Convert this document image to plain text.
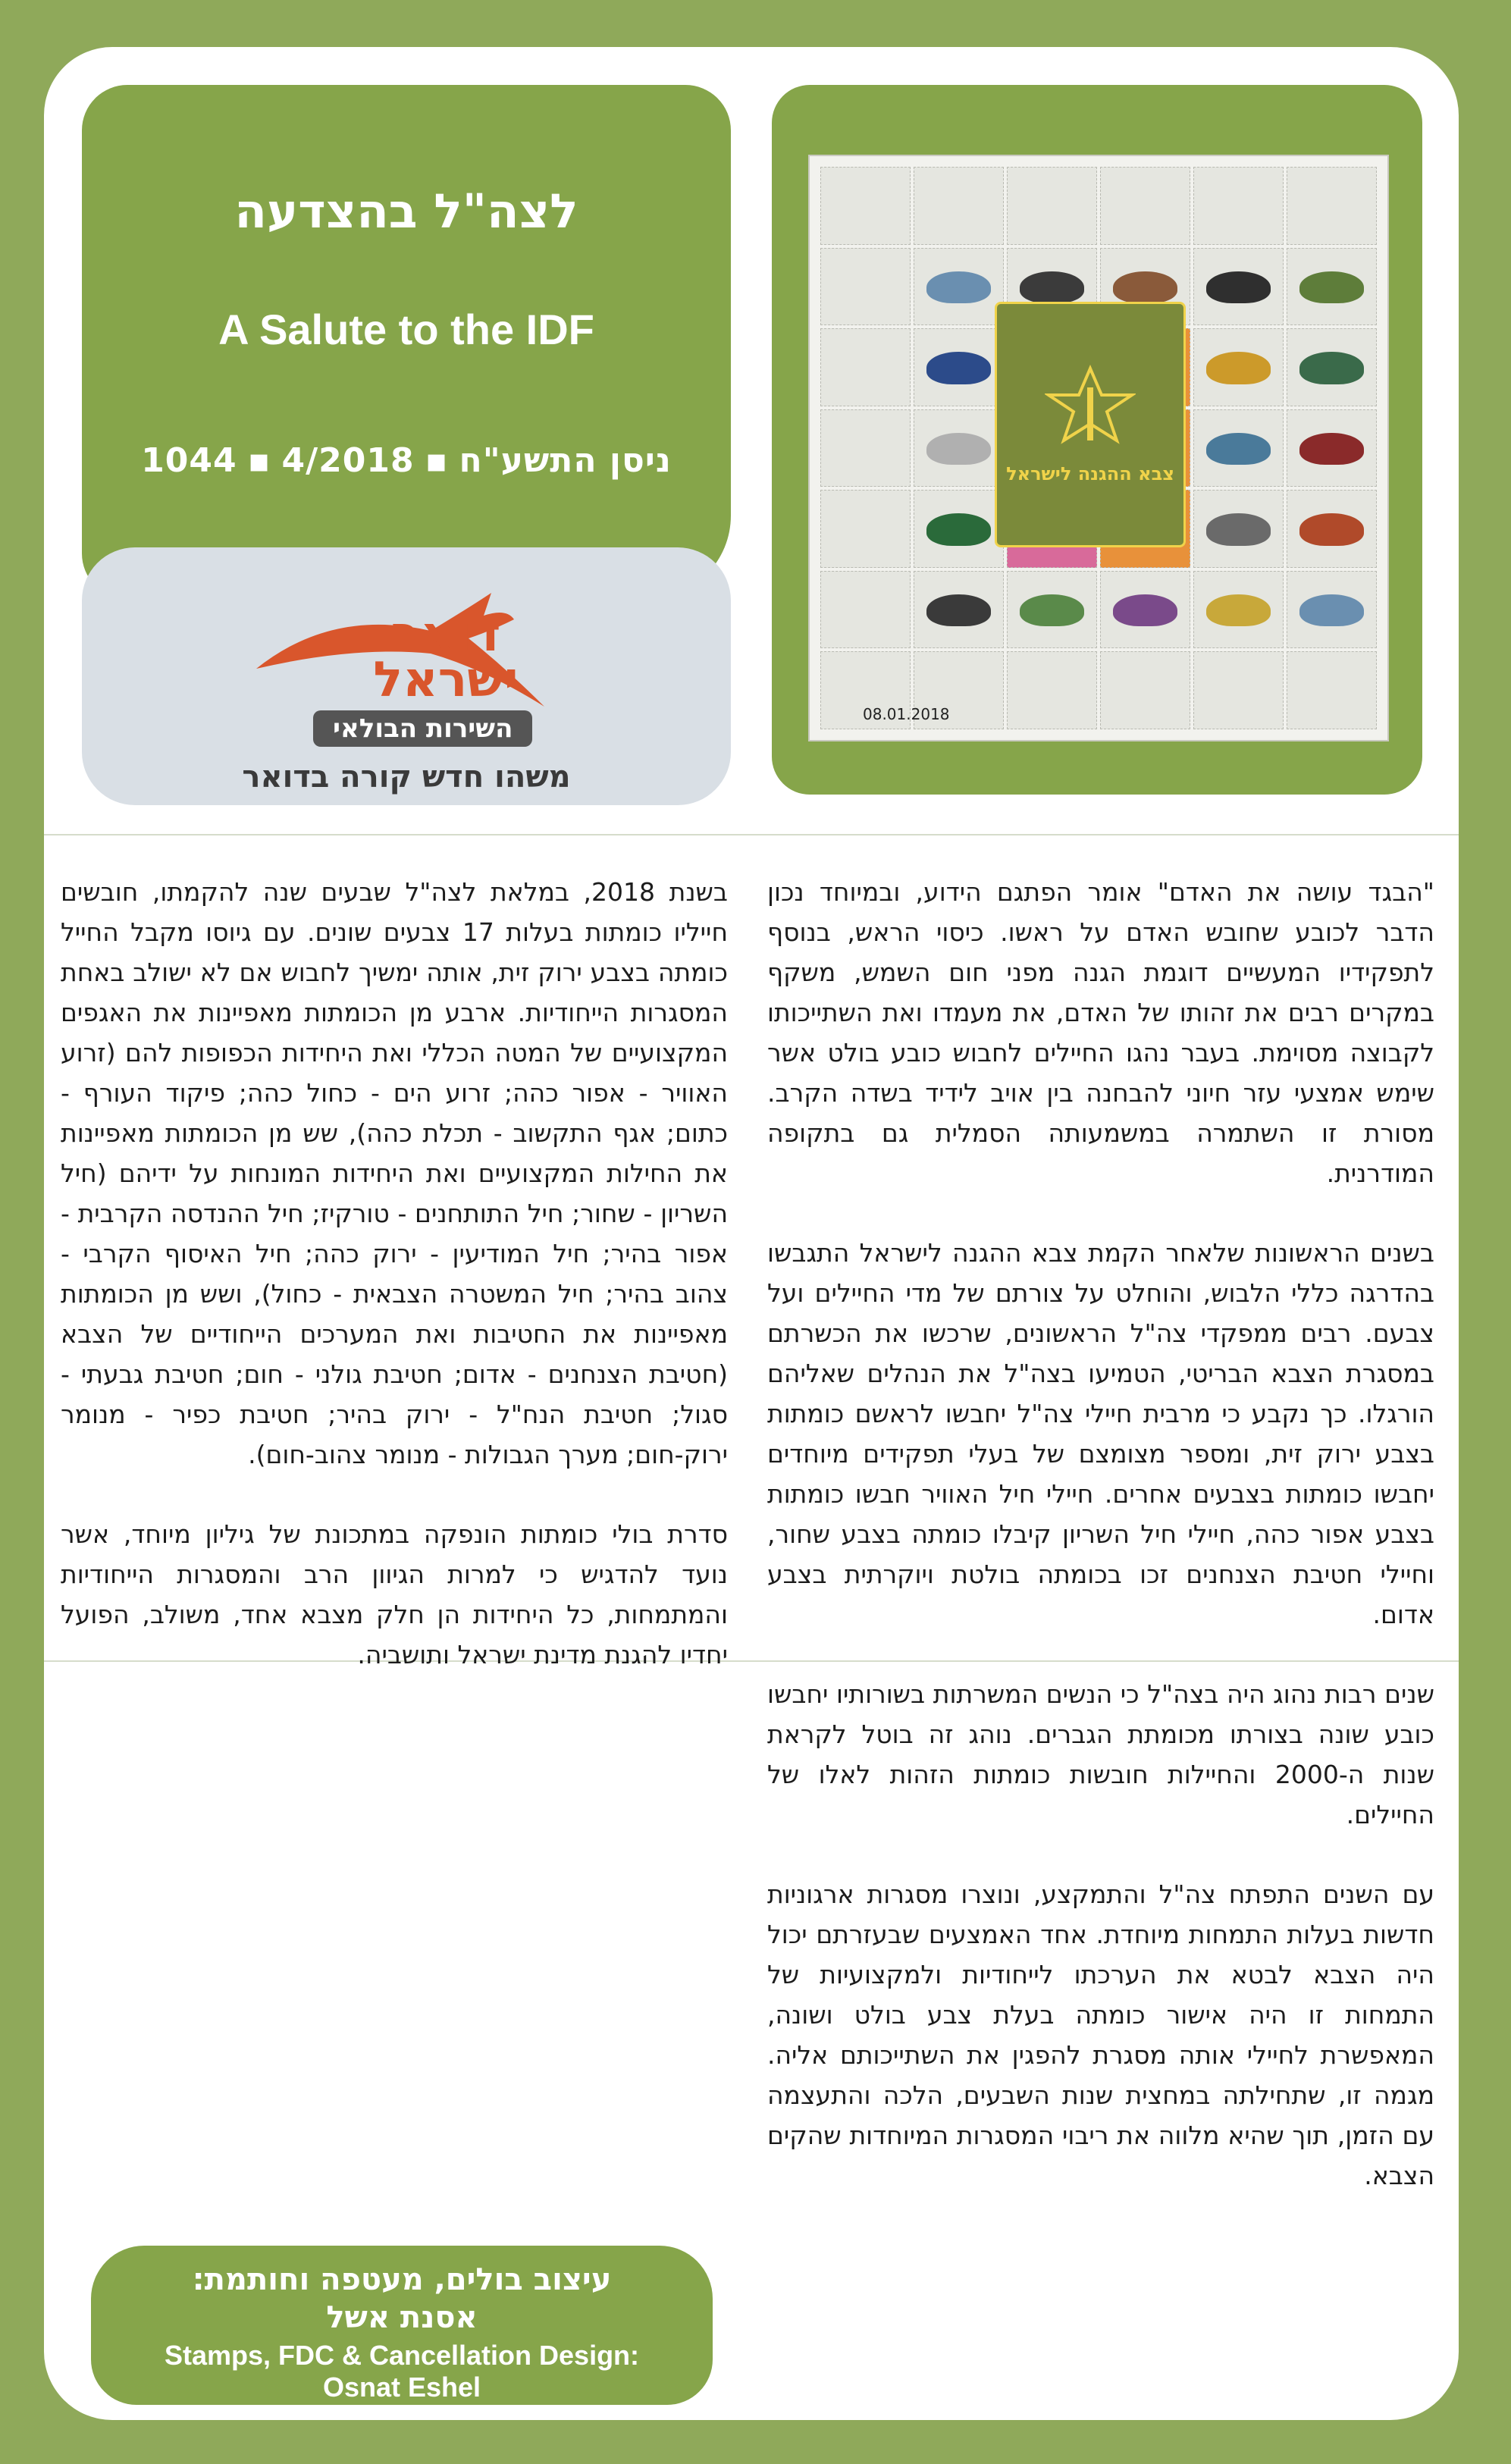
לצה"ל בהצדעה
A Salute to the IDF
1044 ▪ 4/2018 ▪ ניסן התשע"ח
דואר
ישראל
השירות הבולאי
משהו חדש קורה בדואר
צבא ההגנה לישראל
08.01.2018

"הבגד עושה את האדם" אומר הפתגם הידוע, ובמיוחד נכון הדבר לכובע שחובש האדם על ראשו. כיסוי הראש, בנוסף לתפקידיו המעשיים דוגמת הגנה מפני חום השמש, משקף במקרים רבים את זהותו של האדם, את מעמדו ואת השתייכותו לקבוצה מסוימת. בעבר נהגו החיילים לחבוש כובע בולט אשר שימש אמצעי עזר חיוני להבחנה בין אויב לידיד בשדה הקרב. מסורת זו השתמרה במשמעותה הסמלית גם בתקופה המודרנית.

בשנים הראשונות שלאחר הקמת צבא ההגנה לישראל התגבשו בהדרגה כללי הלבוש, והוחלט על צורתם של מדי החיילים ועל צבעם. רבים ממפקדי צה"ל הראשונים, שרכשו את הכשרתם במסגרת הצבא הבריטי, הטמיעו בצה"ל את הנהלים שאליהם הורגלו. כך נקבע כי מרבית חיילי צה"ל יחבשו לראשם כומתות בצבע ירוק זית, ומספר מצומצם של בעלי תפקידים מיוחדים יחבשו כומתות בצבעים אחרים. חיילי חיל האוויר חבשו כומתות בצבע אפור כהה, חיילי חיל השריון קיבלו כומתה בצבע שחור, וחיילי חטיבת הצנחנים זכו בכומתה בולטת ויוקרתית בצבע אדום.

שנים רבות נהוג היה בצה"ל כי הנשים המשרתות בשורותיו יחבשו כובע שונה בצורתו מכומתת הגברים. נוהג זה בוטל לקראת שנות ה-2000 והחיילות חובשות כומתות הזהות לאלו של החיילים.

עם השנים התפתח צה"ל והתמקצע, ונוצרו מסגרות ארגוניות חדשות בעלות התמחות מיוחדת. אחד האמצעים שבעזרתם יכול היה הצבא לבטא את הערכתו לייחודיות ולמקצועיות של התמחות זו היה אישור כומתה בעלת צבע בולט ושונה, המאפשרת לחיילי אותה מסגרת להפגין את השתייכותם אליה. מגמה זו, שתחילתה במחצית שנות השבעים, הלכה והתעצמה עם הזמן, תוך שהיא מלווה את ריבוי המסגרות המיוחדות שהקים הצבא.

בשנת 2018, במלאת לצה"ל שבעים שנה להקמתו, חובשים חייליו כומתות בעלות 17 צבעים שונים. עם גיוסו מקבל החייל כומתה בצבע ירוק זית, אותה ימשיך לחבוש אם לא ישולב באחת המסגרות הייחודיות. ארבע מן הכומתות מאפיינות את האגפים המקצועיים של המטה הכללי ואת היחידות הכפופות להם (זרוע האוויר - אפור כהה; זרוע הים - כחול כהה; פיקוד העורף - כתום; אגף התקשוב - תכלת כהה), שש מן הכומתות מאפיינות את החילות המקצועיים ואת היחידות המונחות על ידיהם (חיל השריון - שחור; חיל התותחנים - טורקיז; חיל ההנדסה הקרבית - אפור בהיר; חיל המודיעין - ירוק כהה; חיל האיסוף הקרבי - צהוב בהיר; חיל המשטרה הצבאית - כחול), ושש מן הכומתות מאפיינות את החטיבות ואת המערכים הייחודיים של הצבא (חטיבת הצנחנים - אדום; חטיבת גולני - חום; חטיבת גבעתי - סגול; חטיבת הנח"ל - ירוק בהיר; חטיבת כפיר - מנומר ירוק-חום; מערך הגבולות - מנומר צהוב-חום).

סדרת בולי כומתות הונפקה במתכונת של גיליון מיוחד, אשר נועד להדגיש כי למרות הגיוון הרב והמסגרות הייחודיות והמתמחות, כל היחידות הן חלק מצבא אחד, משולב, הפועל יחדיו להגנת מדינת ישראל ותושביה.

עיצוב בולים, מעטפה וחותמת:
אסנת אשל
Stamps, FDC & Cancellation Design:
Osnat Eshel
